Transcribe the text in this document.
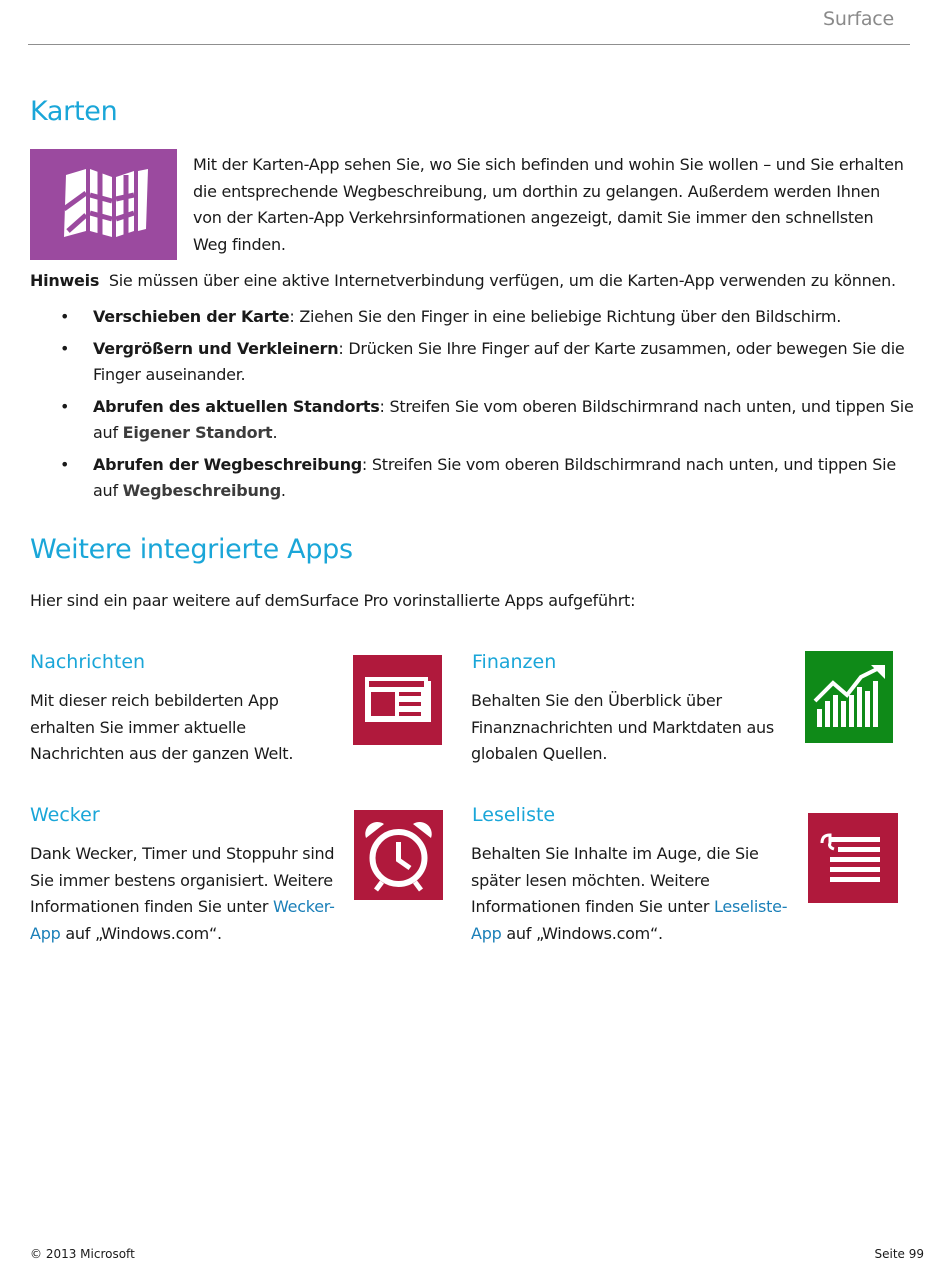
Surface
Karten

Mit der Karten-App sehen Sie, wo Sie sich befinden und wohin Sie wollen – und Sie erhalten die entsprechende Wegbeschreibung, um dorthin zu gelangen. Außerdem werden Ihnen von der Karten-App Verkehrsinformationen angezeigt, damit Sie immer den schnellsten Weg finden.

Hinweis Sie müssen über eine aktive Internetverbindung verfügen, um die Karten-App verwenden zu können.

• Verschieben der Karte: Ziehen Sie den Finger in eine beliebige Richtung über den Bildschirm.
• Vergrößern und Verkleinern: Drücken Sie Ihre Finger auf der Karte zusammen, oder bewegen Sie die Finger auseinander.
• Abrufen des aktuellen Standorts: Streifen Sie vom oberen Bildschirmrand nach unten, und tippen Sie auf Eigener Standort.
• Abrufen der Wegbeschreibung: Streifen Sie vom oberen Bildschirmrand nach unten, und tippen Sie auf Wegbeschreibung.
Weitere integrierte Apps

Hier sind ein paar weitere auf demSurface Pro vorinstallierte Apps aufgeführt:

Nachrichten

Mit dieser reich bebilderten App erhalten Sie immer aktuelle Nachrichten aus der ganzen Welt.

Finanzen

Behalten Sie den Überblick über Finanznachrichten und Marktdaten aus globalen Quellen.

Wecker

Dank Wecker, Timer und Stoppuhr sind Sie immer bestens organisiert. Weitere Informationen finden Sie unter Wecker-App auf „Windows.com“.

Leseliste

Behalten Sie Inhalte im Auge, die Sie später lesen möchten. Weitere Informationen finden Sie unter Leseliste-App auf „Windows.com“.

© 2013 Microsoft	Seite 99
